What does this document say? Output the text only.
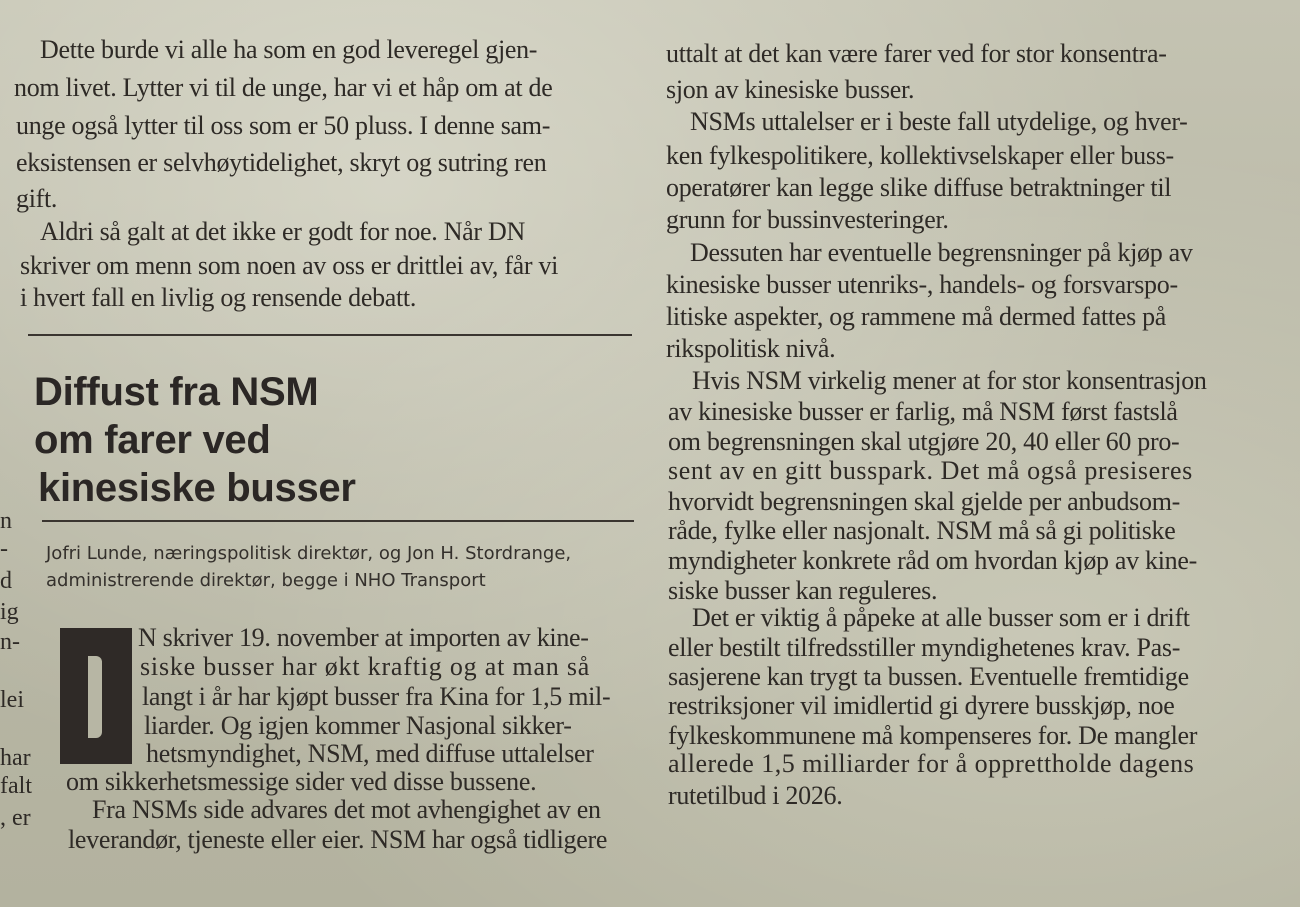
Dette burde vi alle ha som en god leveregel gjen-
nom livet. Lytter vi til de unge, har vi et håp om at de
unge også lytter til oss som er 50 pluss. I denne sam-
eksistensen er selvhøytidelighet, skryt og sutring ren
gift.
Aldri så galt at det ikke er godt for noe. Når DN
skriver om menn som noen av oss er drittlei av, får vi
i hvert fall en livlig og rensende debatt.
n
-
d
ig
n-
lei
har
falt
, er
Diffust fra NSM
om farer ved
kinesiske busser
Jofri Lunde, næringspolitisk direktør, og Jon H. Stordrange,
administrerende direktør, begge i NHO Transport
N skriver 19. november at importen av kine-
siske busser har økt kraftig og at man så
langt i år har kjøpt busser fra Kina for 1,5 mil-
liarder. Og igjen kommer Nasjonal sikker-
hetsmyndighet, NSM, med diffuse uttalelser
om sikkerhetsmessige sider ved disse bussene.
Fra NSMs side advares det mot avhengighet av en
leverandør, tjeneste eller eier. NSM har også tidligere
uttalt at det kan være farer ved for stor konsentra-
sjon av kinesiske busser.
NSMs uttalelser er i beste fall utydelige, og hver-
ken fylkespolitikere, kollektivselskaper eller buss-
operatører kan legge slike diffuse betraktninger til
grunn for bussinvesteringer.
Dessuten har eventuelle begrensninger på kjøp av
kinesiske busser utenriks-, handels- og forsvarspo-
litiske aspekter, og rammene må dermed fattes på
rikspolitisk nivå.
Hvis NSM virkelig mener at for stor konsentrasjon
av kinesiske busser er farlig, må NSM først fastslå
om begrensningen skal utgjøre 20, 40 eller 60 pro-
sent av en gitt busspark. Det må også presiseres
hvorvidt begrensningen skal gjelde per anbudsom-
råde, fylke eller nasjonalt. NSM må så gi politiske
myndigheter konkrete råd om hvordan kjøp av kine-
siske busser kan reguleres.
Det er viktig å påpeke at alle busser som er i drift
eller bestilt tilfredsstiller myndighetenes krav. Pas-
sasjerene kan trygt ta bussen. Eventuelle fremtidige
restriksjoner vil imidlertid gi dyrere busskjøp, noe
fylkeskommunene må kompenseres for. De mangler
allerede 1,5 milliarder for å opprettholde dagens
rutetilbud i 2026.
